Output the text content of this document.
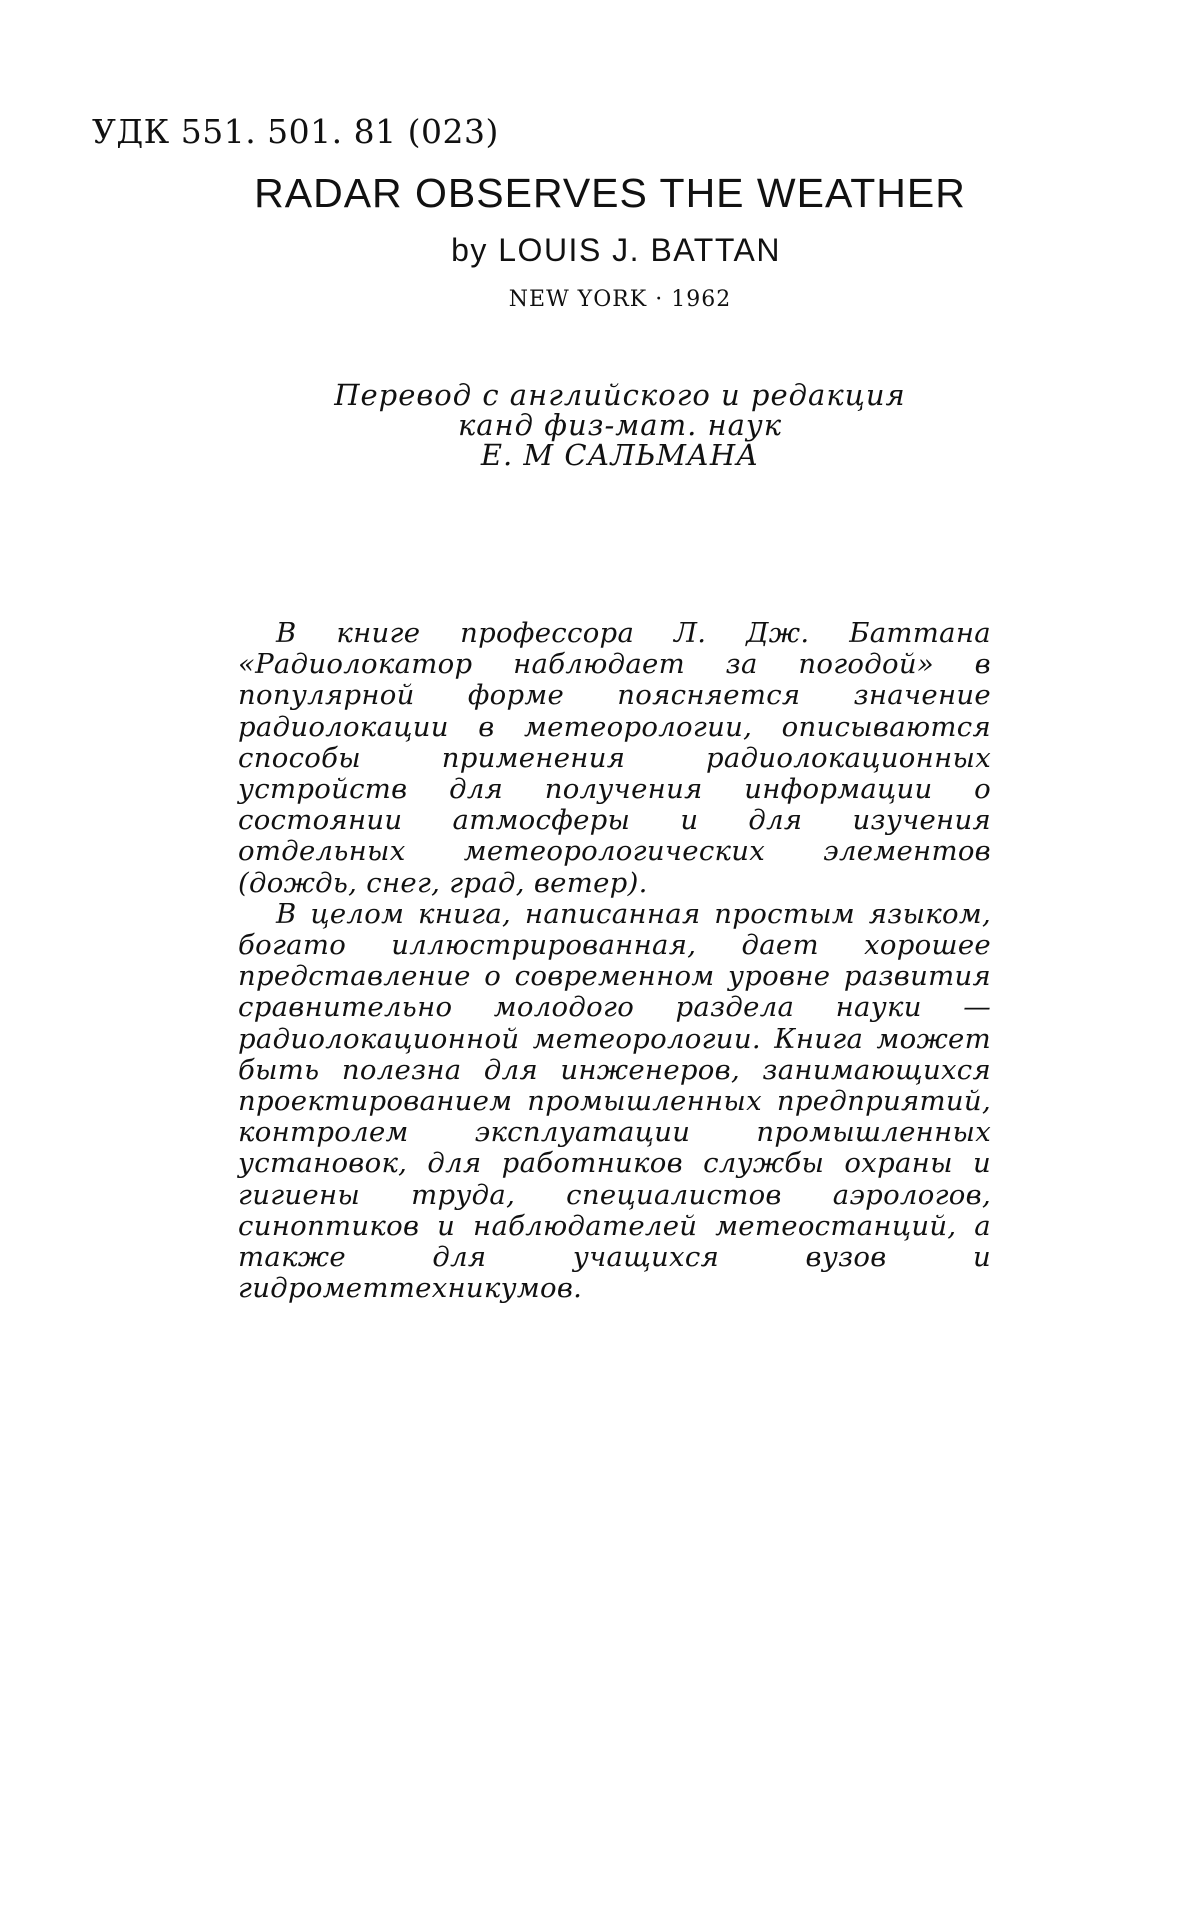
УДК 551. 501. 81 (023)
RADAR OBSERVES THE WEATHER
by LOUIS J. BATTAN
NEW YORK · 1962
Перевод с английского и редакция
канд физ-мат. наук
Е. М САЛЬМАНА

В книге профессора Л. Дж. Баттана «Радиолокатор наблюдает за погодой» в популярной форме поясняется значение радиолокации в метеорологии, описываются способы применения радиолокационных устройств для получения информации о состоянии атмосферы и для изучения отдельных метеорологических элементов (дождь, снег, град, ветер).

В целом книга, написанная простым языком, богато иллюстрированная, дает хорошее представление о современном уровне развития сравнительно молодого раздела науки — радиолокационной метеорологии. Книга может быть полезна для инженеров, занимающихся проектированием промышленных предприятий, контролем эксплуатации промышленных установок, для работников службы охраны и гигиены труда, специалистов аэрологов, синоптиков и наблюдателей метеостанций, а также для учащихся вузов и гидрометтехникумов.
